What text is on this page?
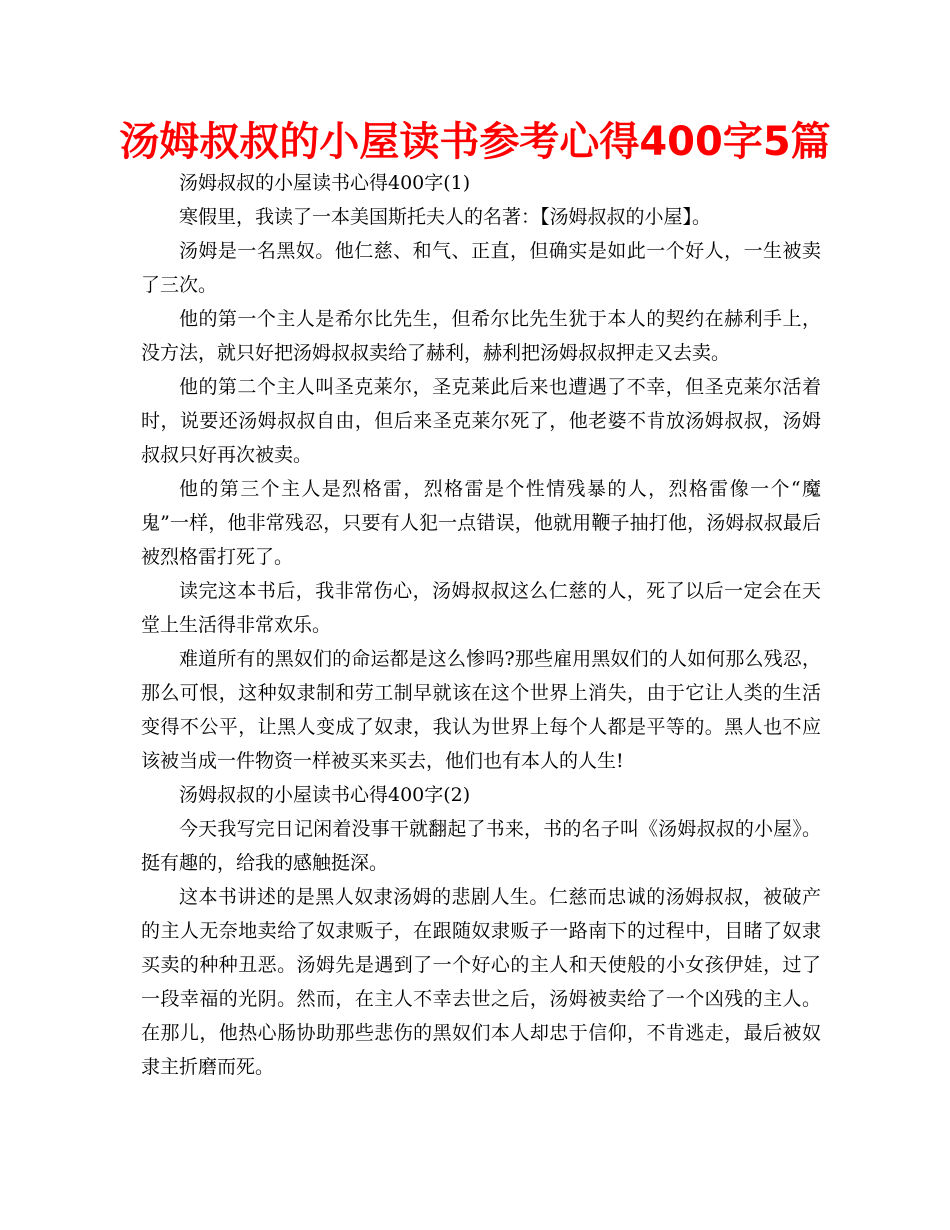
汤姆叔叔的小屋读书参考心得400字5篇

汤姆叔叔的小屋读书心得400字(1)

寒假里，我读了一本美国斯托夫人的名著：【汤姆叔叔的小屋】。

汤姆是一名黑奴。他仁慈、和气、正直，但确实是如此一个好人，一生被卖了三次。

他的第一个主人是希尔比先生，但希尔比先生犹于本人的契约在赫利手上，没方法，就只好把汤姆叔叔卖给了赫利，赫利把汤姆叔叔押走又去卖。

他的第二个主人叫圣克莱尔，圣克莱此后来也遭遇了不幸，但圣克莱尔活着时，说要还汤姆叔叔自由，但后来圣克莱尔死了，他老婆不肯放汤姆叔叔，汤姆叔叔只好再次被卖。

他的第三个主人是烈格雷，烈格雷是个性情残暴的人，烈格雷像一个“魔鬼”一样，他非常残忍，只要有人犯一点错误，他就用鞭子抽打他，汤姆叔叔最后被烈格雷打死了。

读完这本书后，我非常伤心，汤姆叔叔这么仁慈的人，死了以后一定会在天堂上生活得非常欢乐。

难道所有的黑奴们的命运都是这么惨吗?那些雇用黑奴们的人如何那么残忍，那么可恨，这种奴隶制和劳工制早就该在这个世界上消失，由于它让人类的生活变得不公平，让黑人变成了奴隶，我认为世界上每个人都是平等的。黑人也不应该被当成一件物资一样被买来买去，他们也有本人的人生!

汤姆叔叔的小屋读书心得400字(2)

今天我写完日记闲着没事干就翻起了书来，书的名子叫《汤姆叔叔的小屋》。挺有趣的，给我的感触挺深。

这本书讲述的是黑人奴隶汤姆的悲剧人生。仁慈而忠诚的汤姆叔叔，被破产的主人无奈地卖给了奴隶贩子，在跟随奴隶贩子一路南下的过程中，目睹了奴隶买卖的种种丑恶。汤姆先是遇到了一个好心的主人和天使般的小女孩伊娃，过了一段幸福的光阴。然而，在主人不幸去世之后，汤姆被卖给了一个凶残的主人。在那儿，他热心肠协助那些悲伤的黑奴们本人却忠于信仰，不肯逃走，最后被奴隶主折磨而死。
